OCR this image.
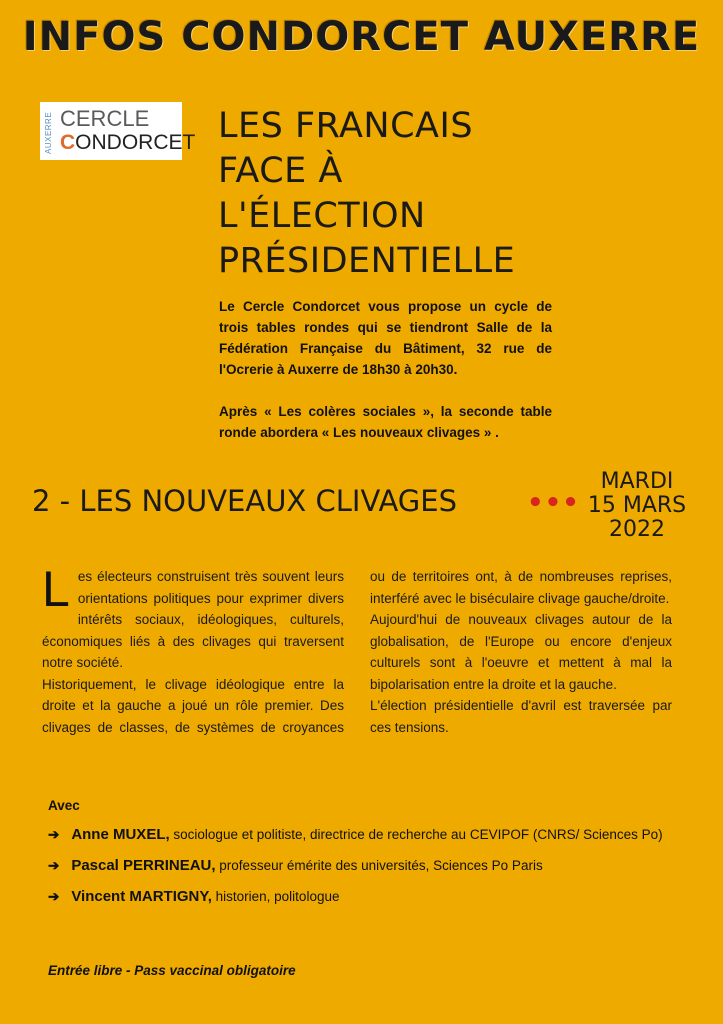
INFOS CONDORCET AUXERRE
AUXERRE CERCLE
CONDORCET LES FRANCAIS
FACE À
L'ÉLECTION
PRÉSIDENTIELLE

Le Cercle Condorcet vous propose un cycle de trois tables rondes qui se tiendront Salle de la Fédération Française du Bâtiment, 32 rue de l'Ocrerie à Auxerre de 18h30 à 20h30.

Après « Les colères sociales », la seconde table ronde abordera « Les nouveaux clivages » .

2 - LES NOUVEAUX CLIVAGES	•••
MARDI
15 MARS
2022

Les électeurs construisent très souvent leurs orientations politiques pour exprimer divers intérêts sociaux, idéologiques, culturels, économiques liés à des clivages qui traversent notre société.

Historiquement, le clivage idéologique entre la droite et la gauche a joué un rôle premier. Des clivages de classes, de systèmes de croyances ou de territoires ont, à de nombreuses reprises, interféré avec le biséculaire clivage gauche/droite.

Aujourd'hui de nouveaux clivages autour de la globalisation, de l'Europe ou encore d'enjeux culturels sont à l'oeuvre et mettent à mal la bipolarisation entre la droite et la gauche.

L'élection présidentielle d'avril est traversée par ces tensions.

Avec
➔ Anne MUXEL, sociologue et politiste, directrice de recherche au CEVIPOF (CNRS/ Sciences Po)
➔ Pascal PERRINEAU, professeur émérite des universités, Sciences Po Paris
➔ Vincent MARTIGNY, historien, politologue
Entrée libre - Pass vaccinal obligatoire
